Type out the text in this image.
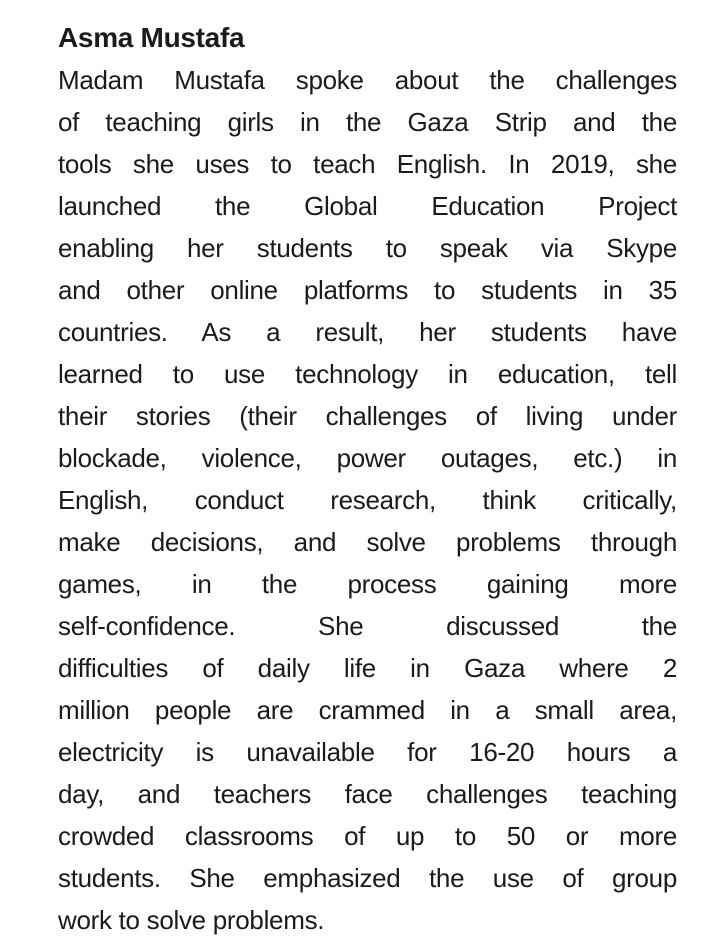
Asma Mustafa
Madam Mustafa spoke about the challenges
of teaching girls in the Gaza Strip and the
tools she uses to teach English. In 2019, she
launched the Global Education Project
enabling her students to speak via Skype
and other online platforms to students in 35
countries. As a result, her students have
learned to use technology in education, tell
their stories (their challenges of living under
blockade, violence, power outages, etc.) in
English, conduct research, think critically,
make decisions, and solve problems through
games, in the process gaining more
self-confidence. She discussed the
difficulties of daily life in Gaza where 2
million people are crammed in a small area,
electricity is unavailable for 16-20 hours a
day, and teachers face challenges teaching
crowded classrooms of up to 50 or more
students. She emphasized the use of group
work to solve problems.
